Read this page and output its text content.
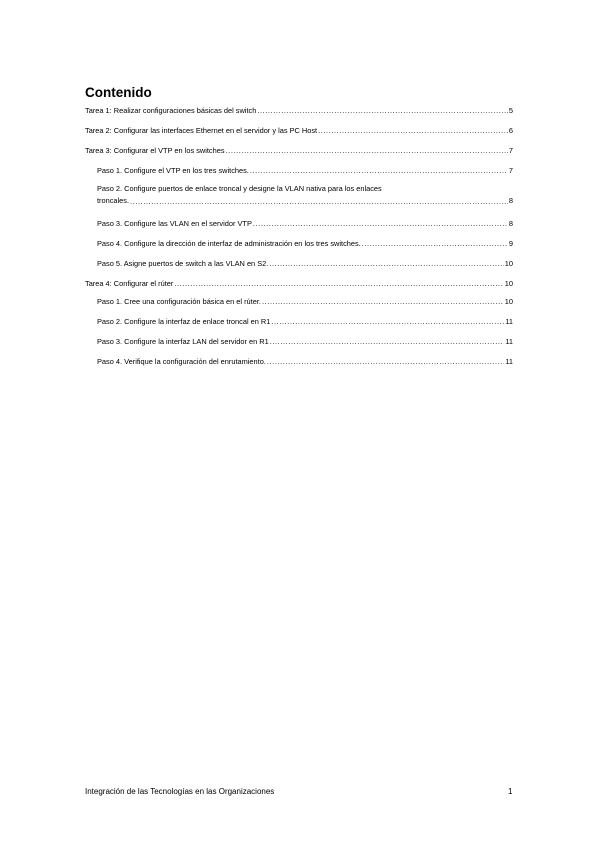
Contenido
Tarea 1: Realizar configuraciones básicas del switch .....	5
Tarea 2: Configurar las interfaces Ethernet en el servidor y las PC Host .....	6
Tarea 3: Configurar el VTP en los switches .....	7
Paso 1. Configure el VTP en los tres switches. .....	7
Paso 2. Configure puertos de enlace troncal y designe la VLAN nativa para los enlaces
troncales. .....	8
Paso 3. Configure las VLAN en el servidor VTP .....	8
Paso 4. Configure la dirección de interfaz de administración en los tres switches. .....	9
Paso 5. Asigne puertos de switch a las VLAN en S2. .....	10
Tarea 4: Configurar el rúter .....	10
Paso 1. Cree una configuración básica en el rúter. .....	10
Paso 2. Configure la interfaz de enlace troncal en R1 .....	11
Paso 3. Configure la interfaz LAN del servidor en R1 .....	11
Paso 4. Verifique la configuración del enrutamiento. .....	11
Integración de las Tecnologías en las Organizaciones	1
